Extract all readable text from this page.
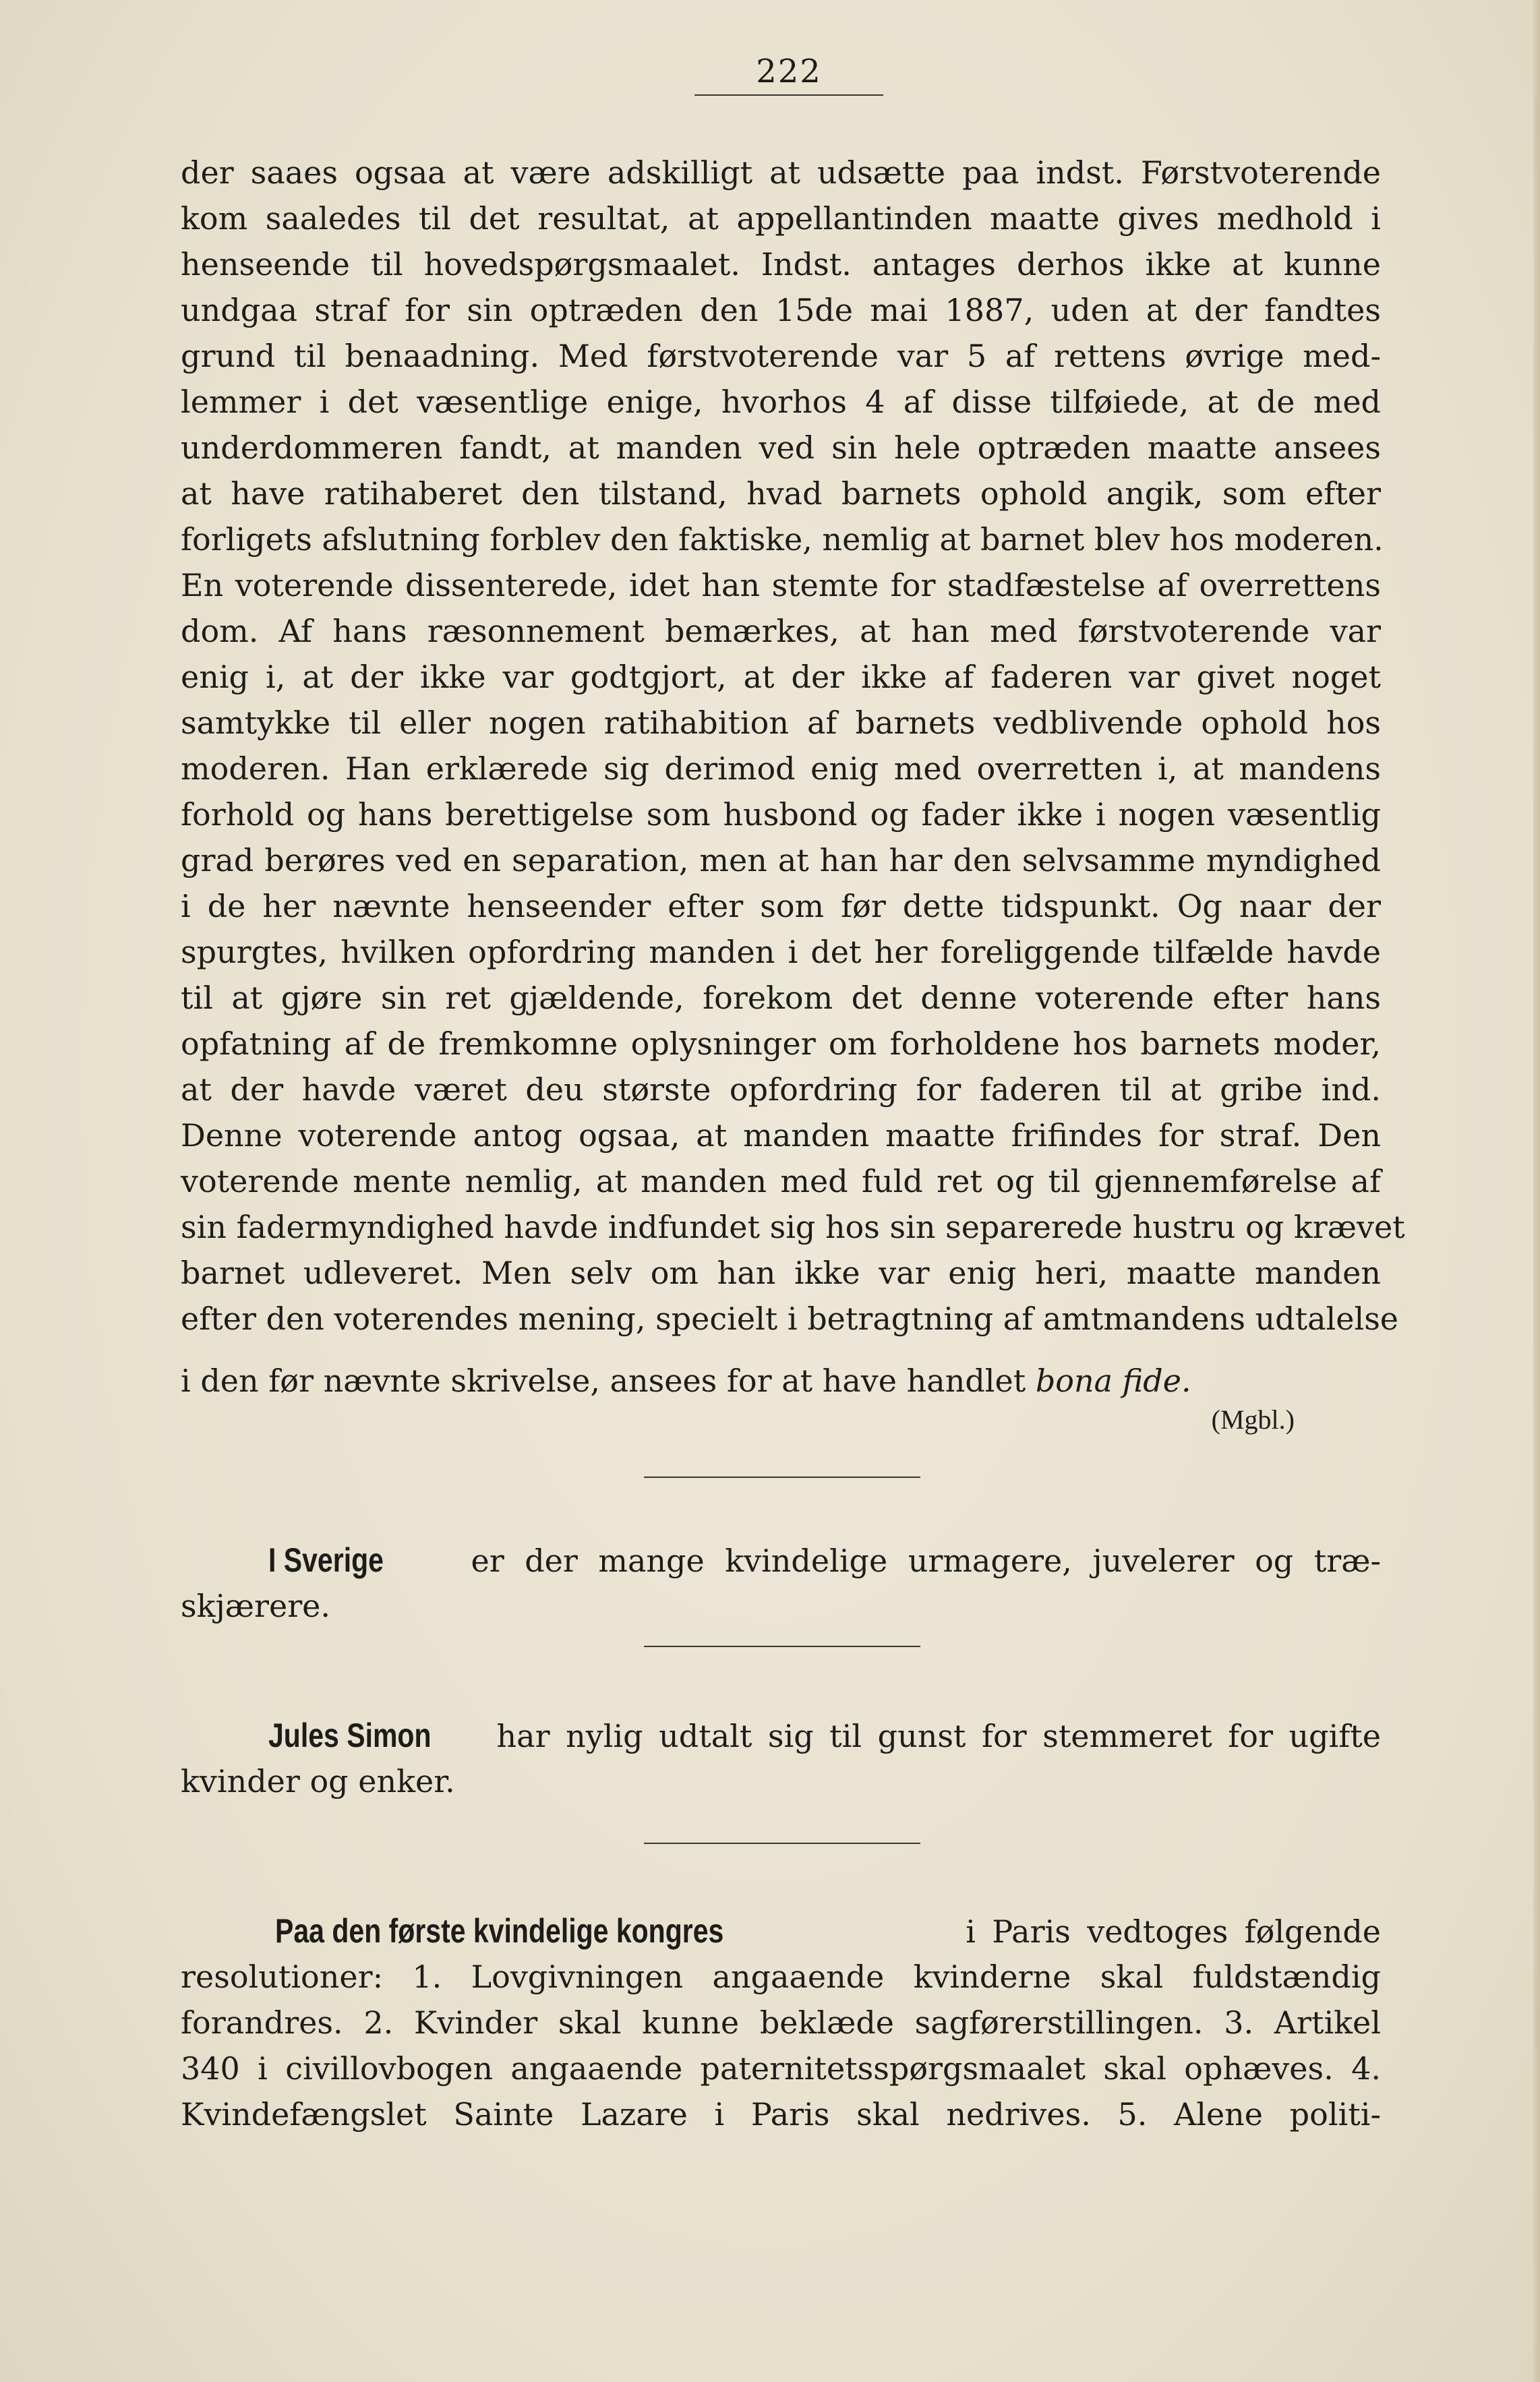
222
der saaes ogsaa at være adskilligt at udsætte paa indst. Førstvoterende
kom saaledes til det resultat, at appellantinden maatte gives medhold i
henseende til hovedspørgsmaalet. Indst. antages derhos ikke at kunne
undgaa straf for sin optræden den 15de mai 1887, uden at der fandtes
grund til benaadning. Med førstvoterende var 5 af rettens øvrige med-
lemmer i det væsentlige enige, hvorhos 4 af disse tilføiede, at de med
underdommeren fandt, at manden ved sin hele optræden maatte ansees
at have ratihaberet den tilstand, hvad barnets ophold angik, som efter
forligets afslutning forblev den faktiske, nemlig at barnet blev hos moderen.
En voterende dissenterede, idet han stemte for stadfæstelse af overrettens
dom. Af hans ræsonnement bemærkes, at han med førstvoterende var
enig i, at der ikke var godtgjort, at der ikke af faderen var givet noget
samtykke til eller nogen ratihabition af barnets vedblivende ophold hos
moderen. Han erklærede sig derimod enig med overretten i, at mandens
forhold og hans berettigelse som husbond og fader ikke i nogen væsentlig
grad berøres ved en separation, men at han har den selvsamme myndighed
i de her nævnte henseender efter som før dette tidspunkt. Og naar der
spurgtes, hvilken opfordring manden i det her foreliggende tilfælde havde
til at gjøre sin ret gjældende, forekom det denne voterende efter hans
opfatning af de fremkomne oplysninger om forholdene hos barnets moder,
at der havde været deu største opfordring for faderen til at gribe ind.
Denne voterende antog ogsaa, at manden maatte frifindes for straf. Den
voterende mente nemlig, at manden med fuld ret og til gjennemførelse af
sin fadermyndighed havde indfundet sig hos sin separerede hustru og krævet
barnet udleveret. Men selv om han ikke var enig heri, maatte manden
efter den voterendes mening, specielt i betragtning af amtmandens udtalelse
i den før nævnte skrivelse, ansees for at have handlet bona fide.
(Mgbl.)
I Sverige	er der mange kvindelige urmagere, juvelerer og træ-
skjærere.
Jules Simon har nylig udtalt sig til gunst for stemmeret for ugifte
kvinder og enker.
Paa den første kvindelige kongres	i Paris vedtoges følgende
resolutioner: 1. Lovgivningen angaaende kvinderne skal fuldstændig
forandres. 2. Kvinder skal kunne beklæde sagførerstillingen. 3. Artikel
340 i civillovbogen angaaende paternitetsspørgsmaalet skal ophæves. 4.
Kvindefængslet Sainte Lazare i Paris skal nedrives. 5. Alene politi-
